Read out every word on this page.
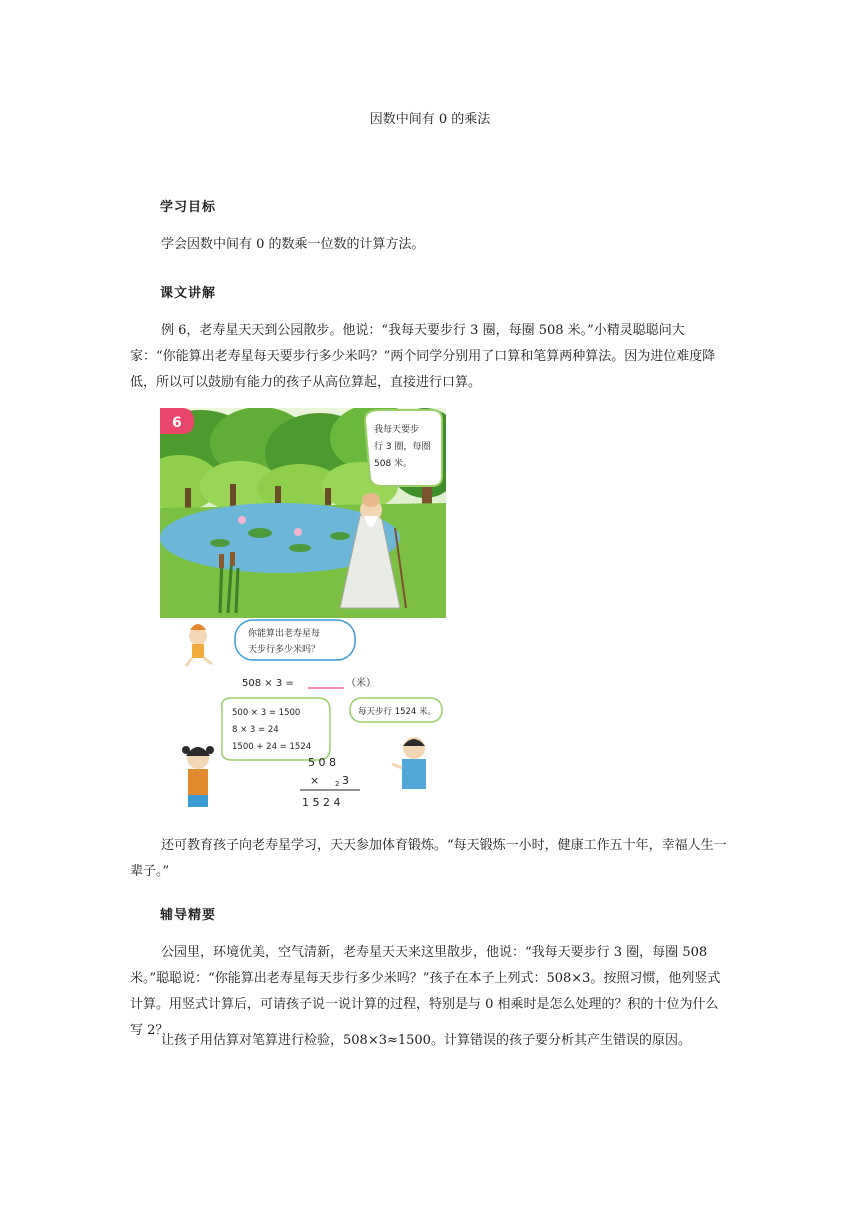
因数中间有 0 的乘法
学习目标

学会因数中间有 0 的数乘一位数的计算方法。

课文讲解

例 6，老寿星天天到公园散步。他说：“我每天要步行 3 圈，每圈 508 米。”小精灵聪聪问大家：“你能算出老寿星每天要步行多少米吗？”两个同学分别用了口算和笔算两种算法。因为进位难度降低，所以可以鼓励有能力的孩子从高位算起，直接进行口算。

我每天要步
行 3 圈，每圈
508 米。
6
你能算出老寿星每
天步行多少米吗？
508 × 3 =	（米）
500 × 3 = 1500
8 × 3 = 24
1500 + 24 = 1524
每天步行 1524 米。
5 0 8
× 2 3
1 5 2 4

还可教育孩子向老寿星学习，天天参加体育锻炼。“每天锻炼一小时，健康工作五十年，幸福人生一辈子。”

辅导精要

公园里，环境优美，空气清新，老寿星天天来这里散步，他说：“我每天要步行 3 圈，每圈 508 米。”聪聪说：“你能算出老寿星每天步行多少米吗？”孩子在本子上列式：508×3。按照习惯，他列竖式计算。用竖式计算后，可请孩子说一说计算的过程，特别是与 0 相乘时是怎么处理的？积的十位为什么写 2？

让孩子用估算对笔算进行检验，508×3≈1500。计算错误的孩子要分析其产生错误的原因。
